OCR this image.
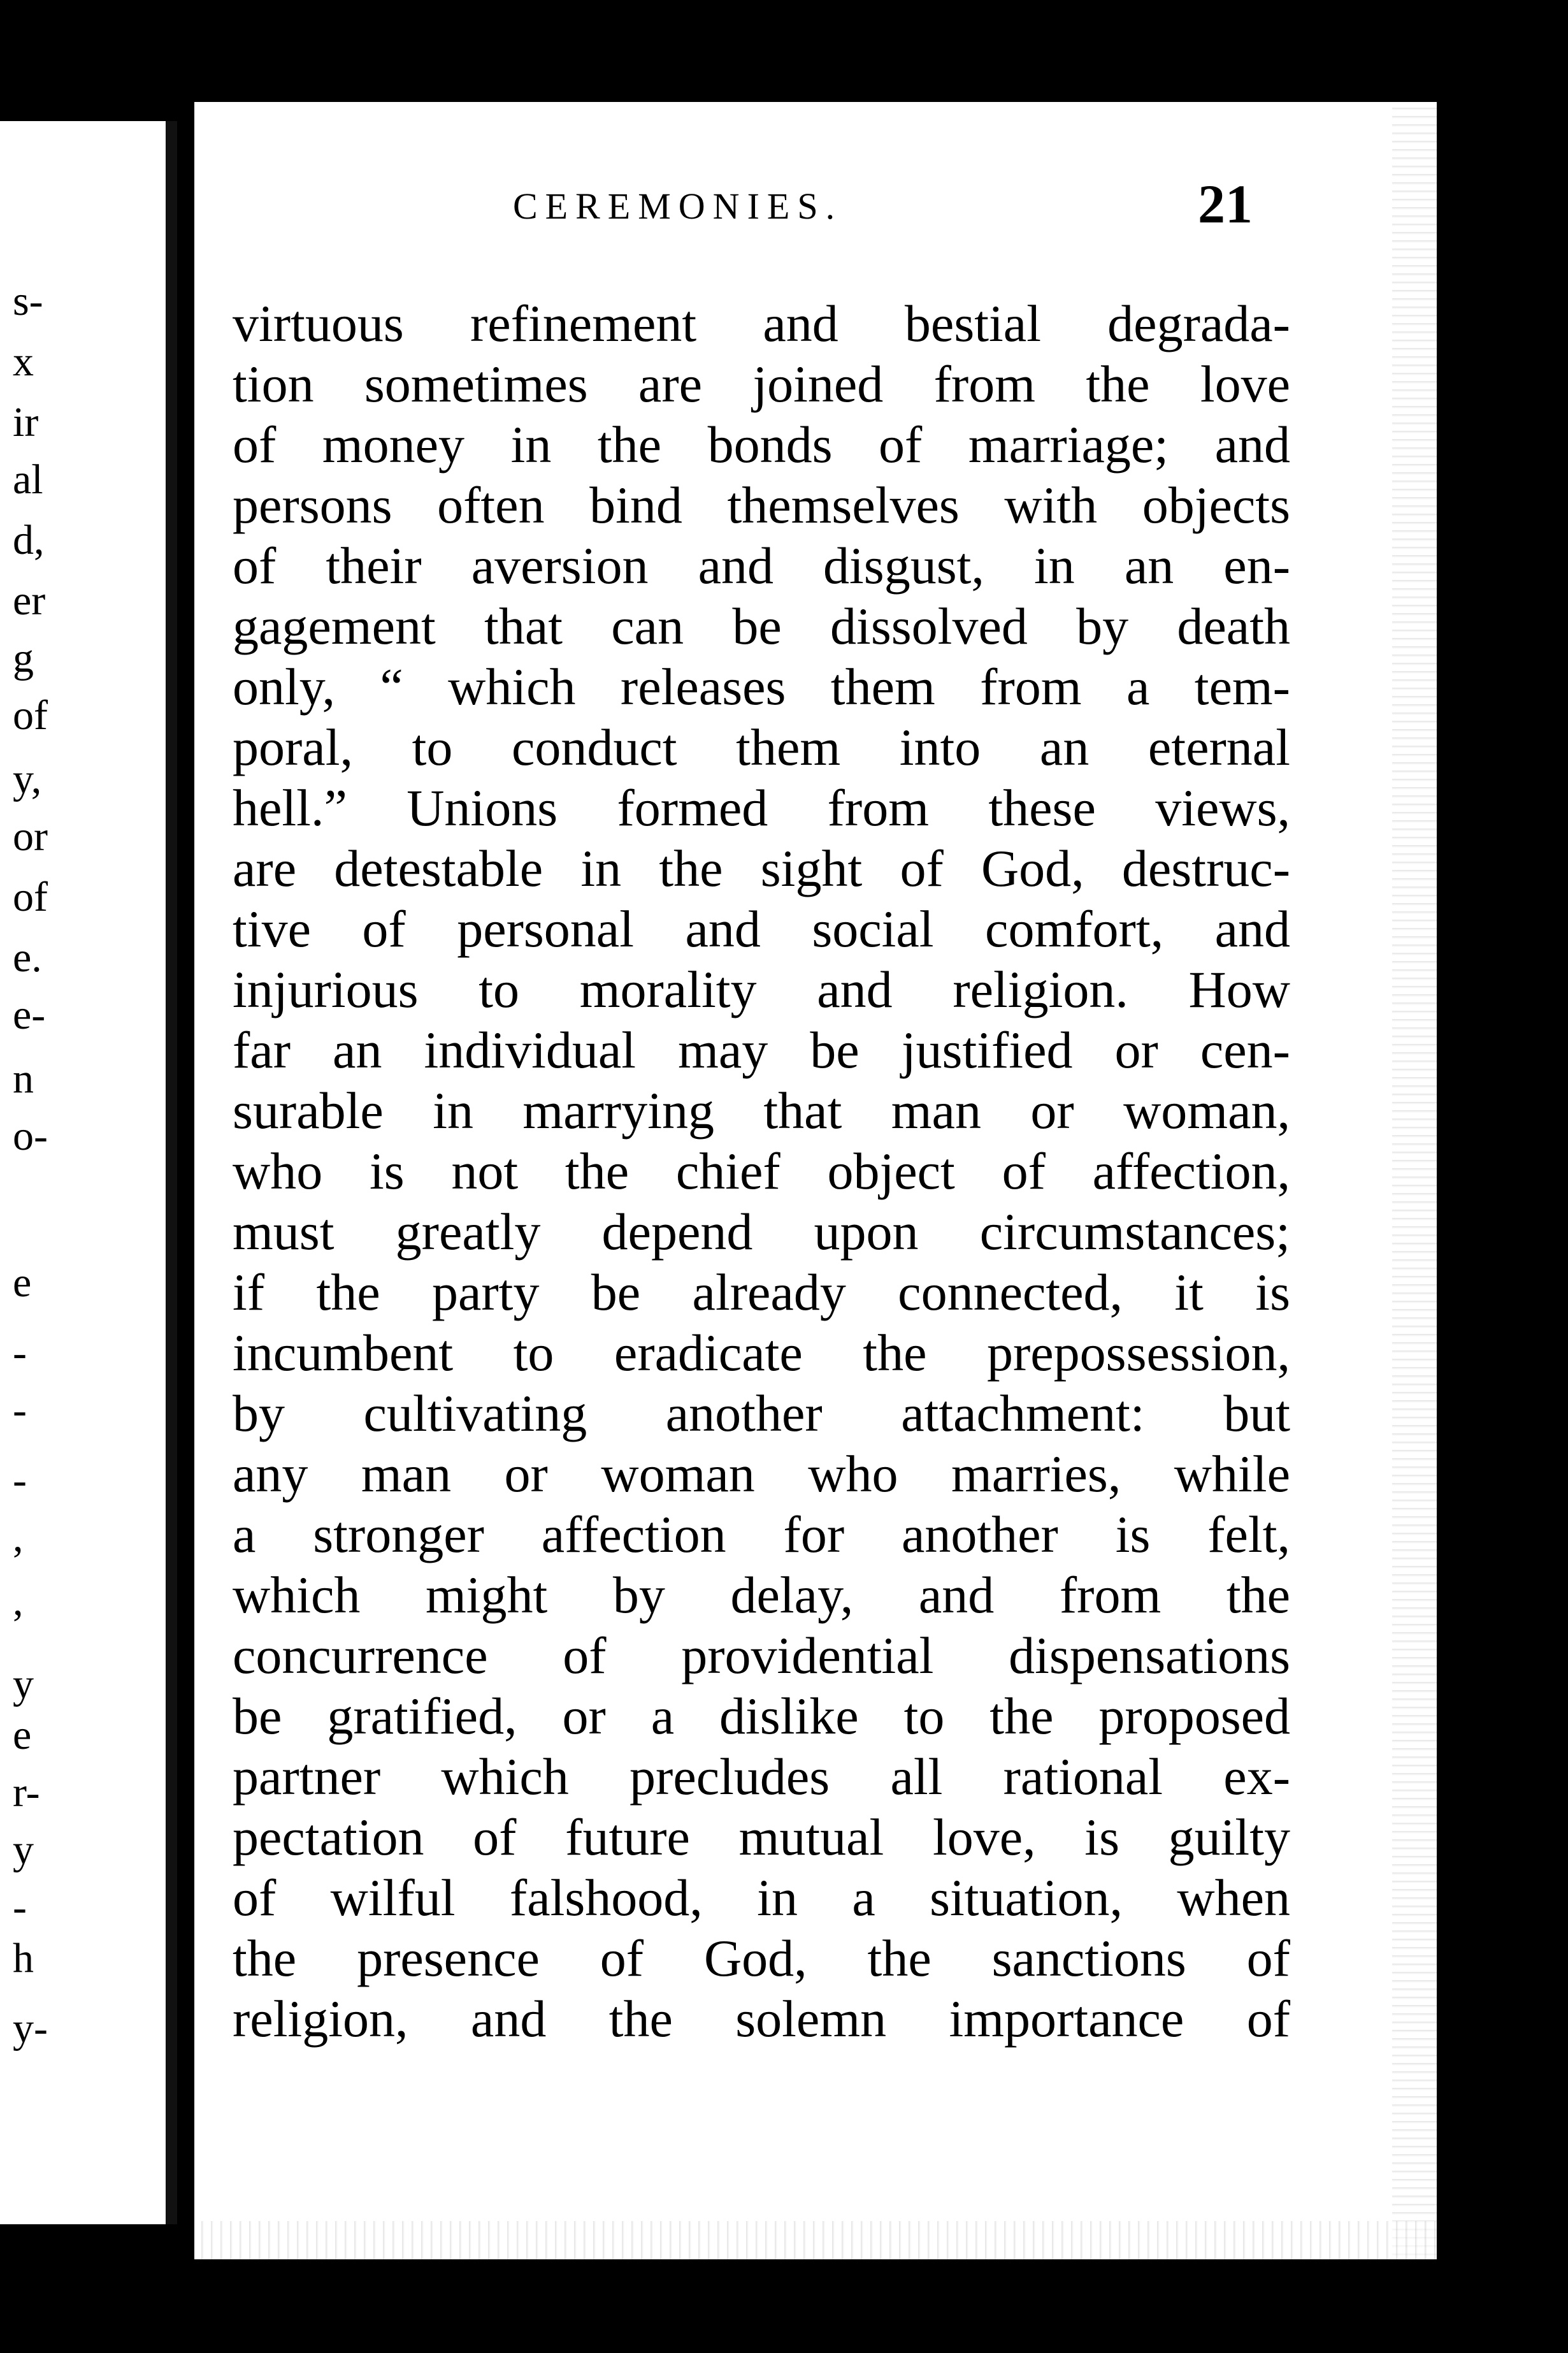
s-
x
ir
al
d,
er
g
of
y,
or
of
e.
e-
n
o-
e
-
-
-
,
,
y
e
r-
y
-
h
y-
CEREMONIES.	21
virtuous refinement and bestial degrada-
tion sometimes are joined from the love
of money in the bonds of marriage; and
persons often bind themselves with objects
of their aversion and disgust, in an en-
gagement that can be dissolved by death
only, “ which releases them from a tem-
poral, to conduct them into an eternal
hell.” Unions formed from these views,
are detestable in the sight of God, destruc-
tive of personal and social comfort, and
injurious to morality and religion. How
far an individual may be justified or cen-
surable in marrying that man or woman,
who is not the chief object of affection,
must greatly depend upon circumstances;
if the party be already connected, it is
incumbent to eradicate the prepossession,
by cultivating another attachment: but
any man or woman who marries, while
a stronger affection for another is felt,
which might by delay, and from the
concurrence of providential dispensations
be gratified, or a dislike to the proposed
partner which precludes all rational ex-
pectation of future mutual love, is guilty
of wilful falshood, in a situation, when
the presence of God, the sanctions of
religion, and the solemn importance of
